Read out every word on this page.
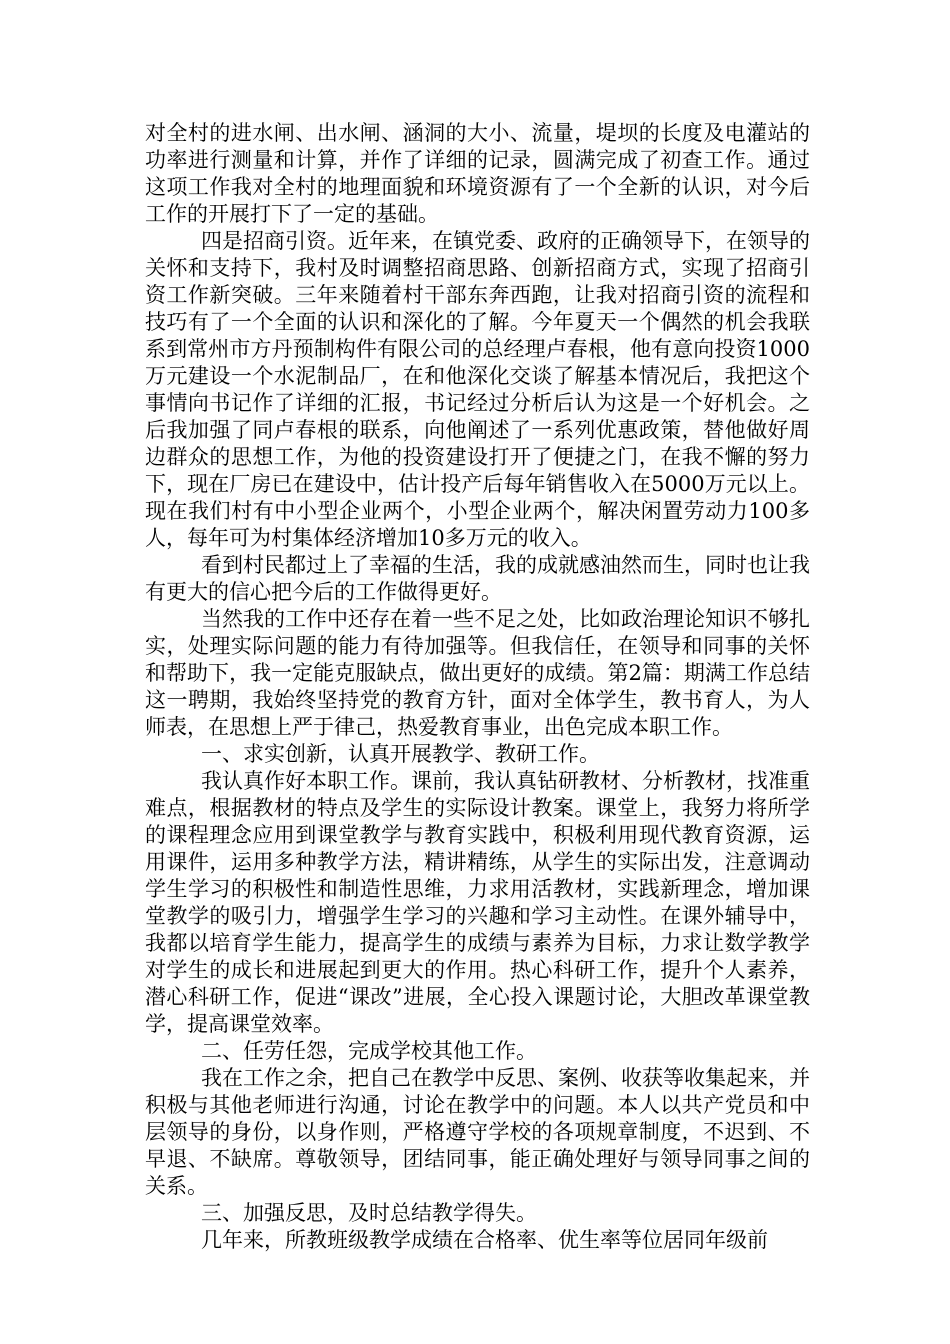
对全村的进水闸、出水闸、涵洞的大小、流量，堤坝的长度及电灌站的功率进行测量和计算，并作了详细的记录，圆满完成了初查工作。通过这项工作我对全村的地理面貌和环境资源有了一个全新的认识，对今后工作的开展打下了一定的基础。

四是招商引资。近年来，在镇党委、政府的正确领导下，在领导的关怀和支持下，我村及时调整招商思路、创新招商方式，实现了招商引资工作新突破。三年来随着村干部东奔西跑，让我对招商引资的流程和技巧有了一个全面的认识和深化的了解。今年夏天一个偶然的机会我联系到常州市方丹预制构件有限公司的总经理卢春根，他有意向投资1000万元建设一个水泥制品厂，在和他深化交谈了解基本情况后，我把这个事情向书记作了详细的汇报，书记经过分析后认为这是一个好机会。之后我加强了同卢春根的联系，向他阐述了一系列优惠政策，替他做好周边群众的思想工作，为他的投资建设打开了便捷之门，在我不懈的努力下，现在厂房已在建设中，估计投产后每年销售收入在5000万元以上。现在我们村有中小型企业两个，小型企业两个，解决闲置劳动力100多人，每年可为村集体经济增加10多万元的收入。

看到村民都过上了幸福的生活，我的成就感油然而生，同时也让我有更大的信心把今后的工作做得更好。

当然我的工作中还存在着一些不足之处，比如政治理论知识不够扎实，处理实际问题的能力有待加强等。但我信任，在领导和同事的关怀和帮助下，我一定能克服缺点，做出更好的成绩。第2篇：期满工作总结这一聘期，我始终坚持党的教育方针，面对全体学生，教书育人，为人师表，在思想上严于律己，热爱教育事业，出色完成本职工作。

一、求实创新，认真开展教学、教研工作。

我认真作好本职工作。课前，我认真钻研教材、分析教材，找准重难点，根据教材的特点及学生的实际设计教案。课堂上，我努力将所学的课程理念应用到课堂教学与教育实践中，积极利用现代教育资源，运用课件，运用多种教学方法，精讲精练，从学生的实际出发，注意调动学生学习的积极性和制造性思维，力求用活教材，实践新理念，增加课堂教学的吸引力，增强学生学习的兴趣和学习主动性。在课外辅导中，我都以培育学生能力，提高学生的成绩与素养为目标，力求让数学教学对学生的成长和进展起到更大的作用。热心科研工作，提升个人素养，潜心科研工作，促进“课改”进展，全心投入课题讨论，大胆改革课堂教学，提高课堂效率。

二、任劳任怨，完成学校其他工作。

我在工作之余，把自己在教学中反思、案例、收获等收集起来，并积极与其他老师进行沟通，讨论在教学中的问题。本人以共产党员和中层领导的身份，以身作则，严格遵守学校的各项规章制度，不迟到、不早退、不缺席。尊敬领导，团结同事，能正确处理好与领导同事之间的关系。

三、加强反思，及时总结教学得失。

几年来，所教班级教学成绩在合格率、优生率等位居同年级前
